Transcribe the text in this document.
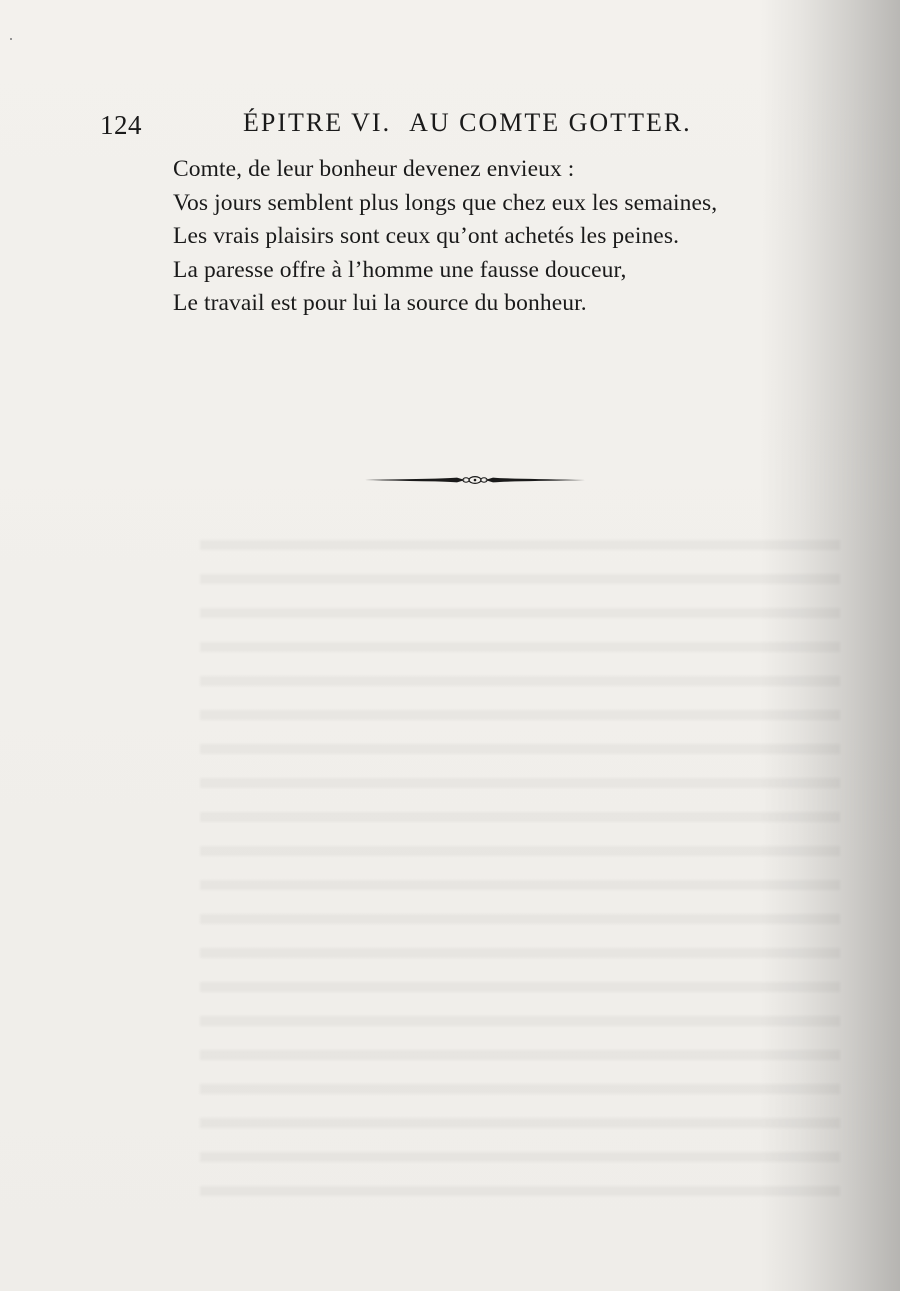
124	ÉPITRE VI. AU COMTE GOTTER.
Comte, de leur bonheur devenez envieux :
Vos jours semblent plus longs que chez eux les semaines,
Les vrais plaisirs sont ceux qu’ont achetés les peines.
La paresse offre à l’homme une fausse douceur,
Le travail est pour lui la source du bonheur.
